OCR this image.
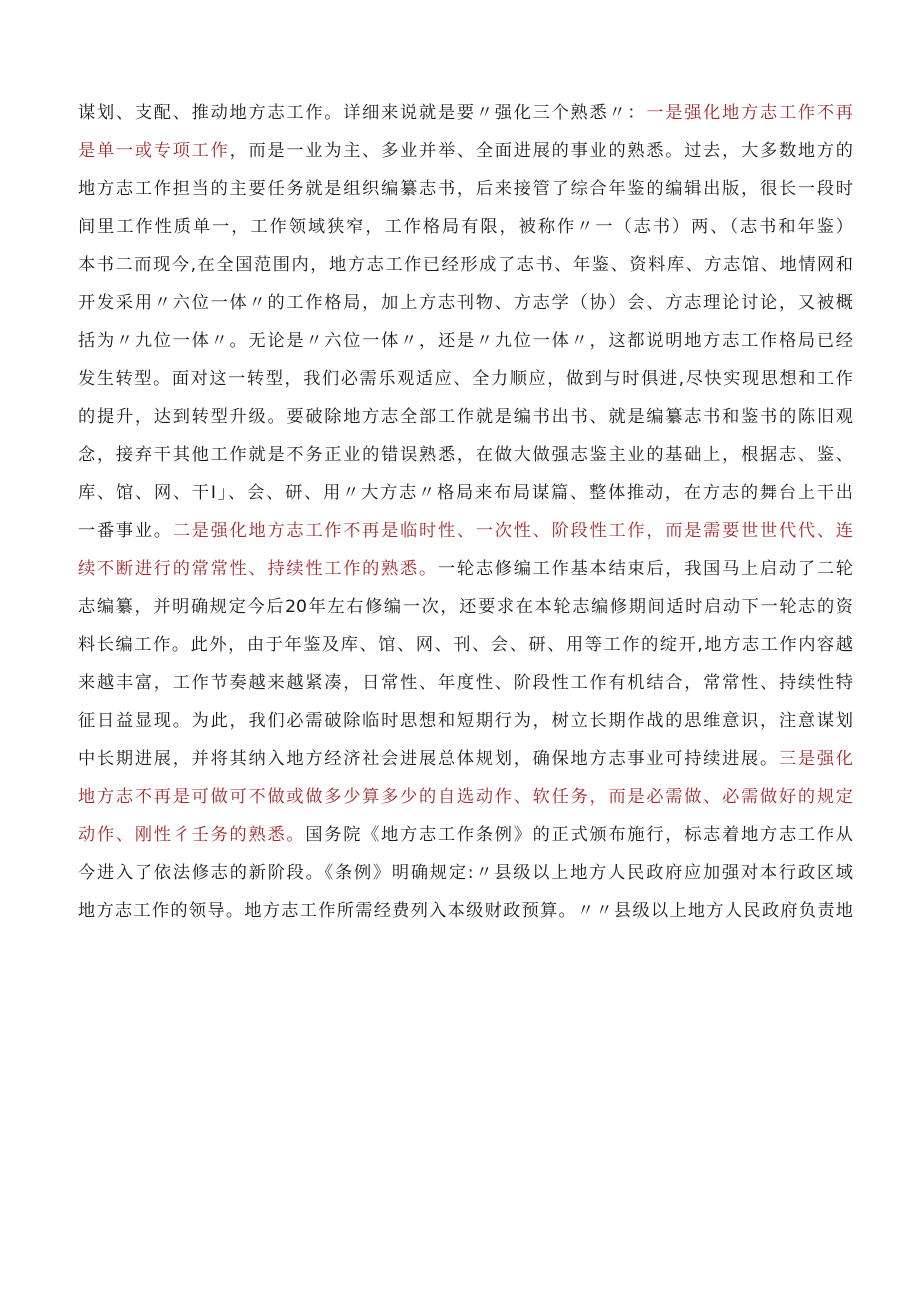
谋划、支配、推动地方志工作。详细来说就是要〃强化三个熟悉〃：一是强化地方志工作不再
是单一或专项工作，而是一业为主、多业并举、全面进展的事业的熟悉。过去，大多数地方的
地方志工作担当的主要任务就是组织编纂志书，后来接管了综合年鉴的编辑出版，很长一段时
间里工作性质单一，工作领域狭窄，工作格局有限，被称作〃一（志书）两、（志书和年鉴）
本书二而现今,在全国范围内，地方志工作已经形成了志书、年鉴、资料库、方志馆、地情网和
开发采用〃六位一体〃的工作格局，加上方志刊物、方志学（协）会、方志理论讨论，又被概
括为〃九位一体〃。无论是〃六位一体〃，还是〃九位一体〃，这都说明地方志工作格局已经
发生转型。面对这一转型，我们必需乐观适应、全力顺应，做到与时俱进,尽快实现思想和工作
的提升，达到转型升级。要破除地方志全部工作就是编书出书、就是编纂志书和鉴书的陈旧观
念，接弃干其他工作就是不务正业的错误熟悉，在做大做强志鉴主业的基础上，根据志、鉴、
库、馆、网、干I」、会、研、用〃大方志〃格局来布局谋篇、整体推动，在方志的舞台上干出
一番事业。二是强化地方志工作不再是临时性、一次性、阶段性工作，而是需要世世代代、连
续不断进行的常常性、持续性工作的熟悉。一轮志修编工作基本结束后，我国马上启动了二轮
志编纂，并明确规定今后20年左右修编一次，还要求在本轮志编修期间适时启动下一轮志的资
料长编工作。此外，由于年鉴及库、馆、网、刊、会、研、用等工作的绽开,地方志工作内容越
来越丰富，工作节奏越来越紧凑，日常性、年度性、阶段性工作有机结合，常常性、持续性特
征日益显现。为此，我们必需破除临时思想和短期行为，树立长期作战的思维意识，注意谋划
中长期进展，并将其纳入地方经济社会进展总体规划，确保地方志事业可持续进展。三是强化
地方志不再是可做可不做或做多少算多少的自选动作、软任务，而是必需做、必需做好的规定
动作、刚性彳壬务的熟悉。国务院《地方志工作条例》的正式颁布施行，标志着地方志工作从
今进入了依法修志的新阶段。《条例》明确规定:〃县级以上地方人民政府应加强对本行政区域
地方志工作的领导。地方志工作所需经费列入本级财政预算。〃〃县级以上地方人民政府负责地
